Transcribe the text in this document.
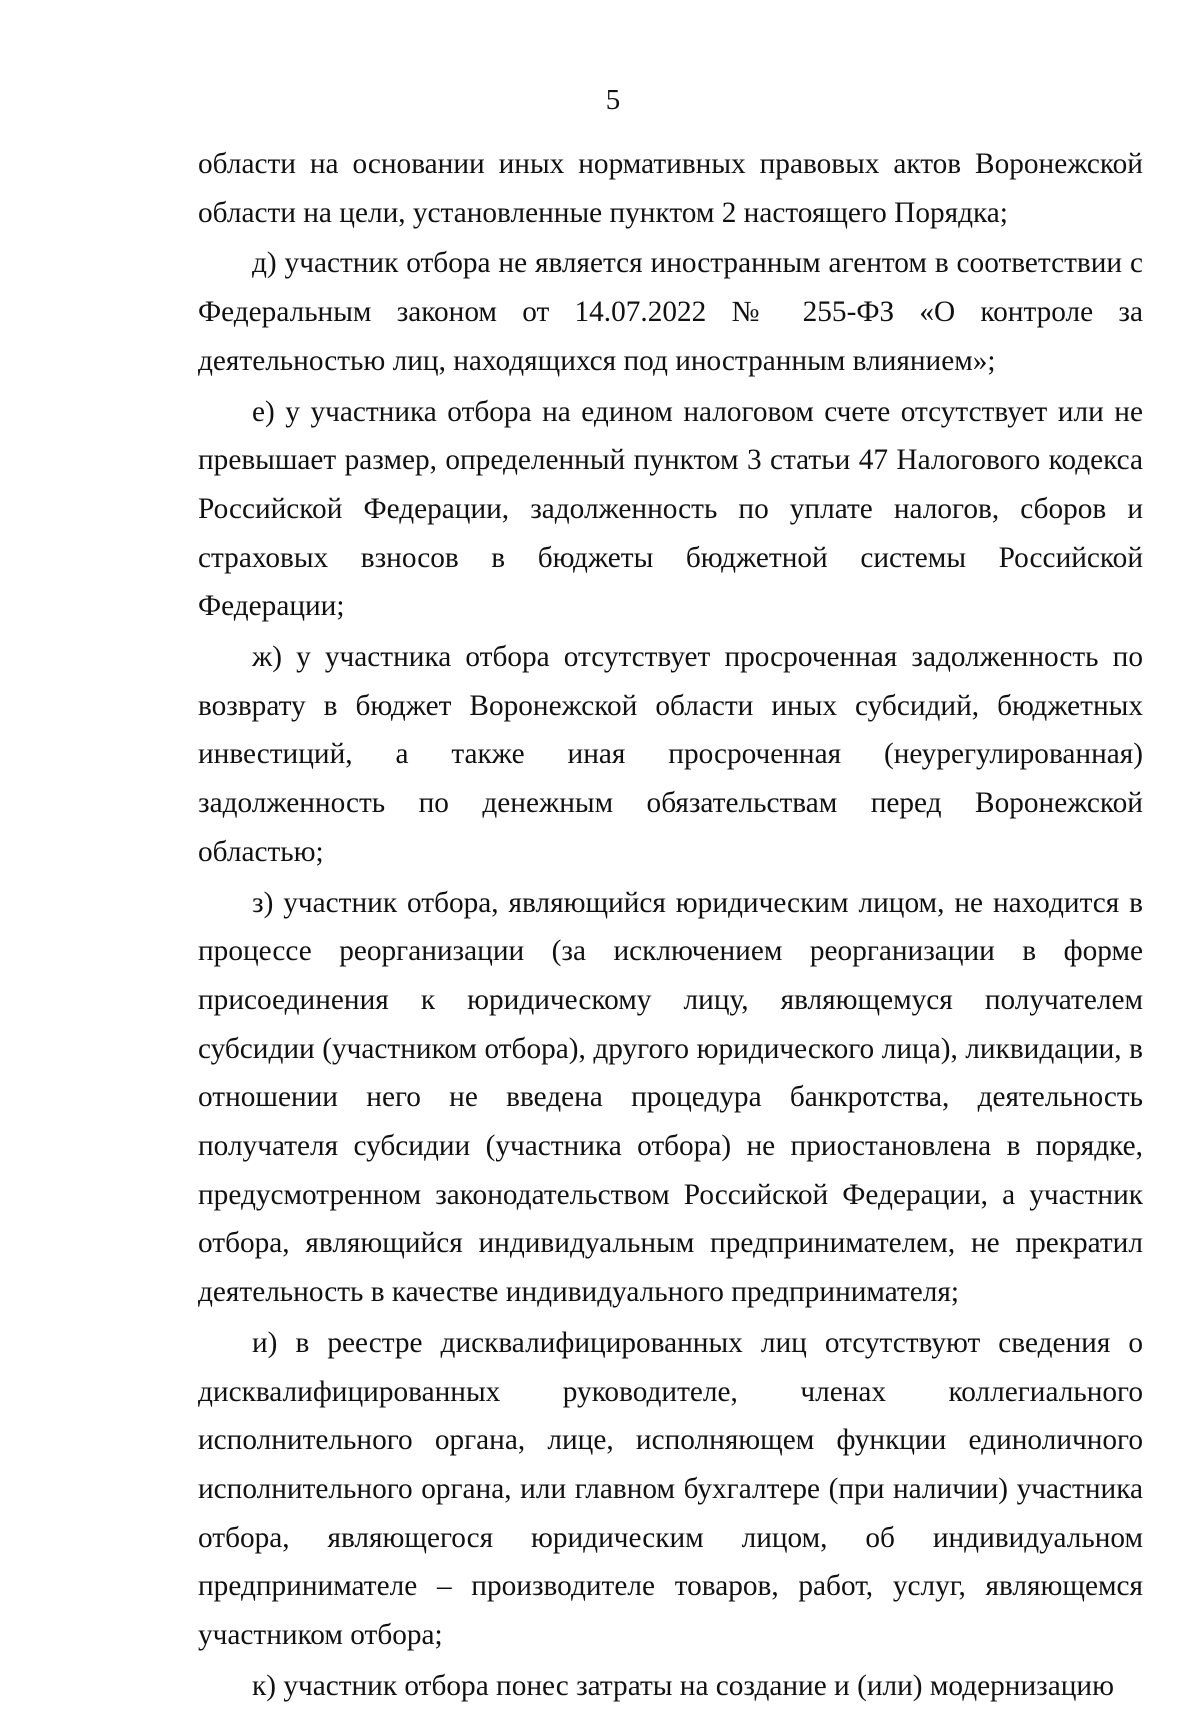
5

области на основании иных нормативных правовых актов Воронежской области на цели, установленные пунктом 2 настоящего Порядка;

д) участник отбора не является иностранным агентом в соответствии с Федеральным законом от 14.07.2022 № 255-ФЗ «О контроле за деятельностью лиц, находящихся под иностранным влиянием»;

е) у участника отбора на едином налоговом счете отсутствует или не превышает размер, определенный пунктом 3 статьи 47 Налогового кодекса Российской Федерации, задолженность по уплате налогов, сборов и страховых взносов в бюджеты бюджетной системы Российской Федерации;

ж) у участника отбора отсутствует просроченная задолженность по возврату в бюджет Воронежской области иных субсидий, бюджетных инвестиций, а также иная просроченная (неурегулированная) задолженность по денежным обязательствам перед Воронежской областью;

з) участник отбора, являющийся юридическим лицом, не находится в процессе реорганизации (за исключением реорганизации в форме присоединения к юридическому лицу, являющемуся получателем субсидии (участником отбора), другого юридического лица), ликвидации, в отношении него не введена процедура банкротства, деятельность получателя субсидии (участника отбора) не приостановлена в порядке, предусмотренном законодательством Российской Федерации, а участник отбора, являющийся индивидуальным предпринимателем, не прекратил деятельность в качестве индивидуального предпринимателя;

и) в реестре дисквалифицированных лиц отсутствуют сведения о дисквалифицированных руководителе, членах коллегиального исполнительного органа, лице, исполняющем функции единоличного исполнительного органа, или главном бухгалтере (при наличии) участника отбора, являющегося юридическим лицом, об индивидуальном предпринимателе – производителе товаров, работ, услуг, являющемся участником отбора;

к) участник отбора понес затраты на создание и (или) модернизацию
